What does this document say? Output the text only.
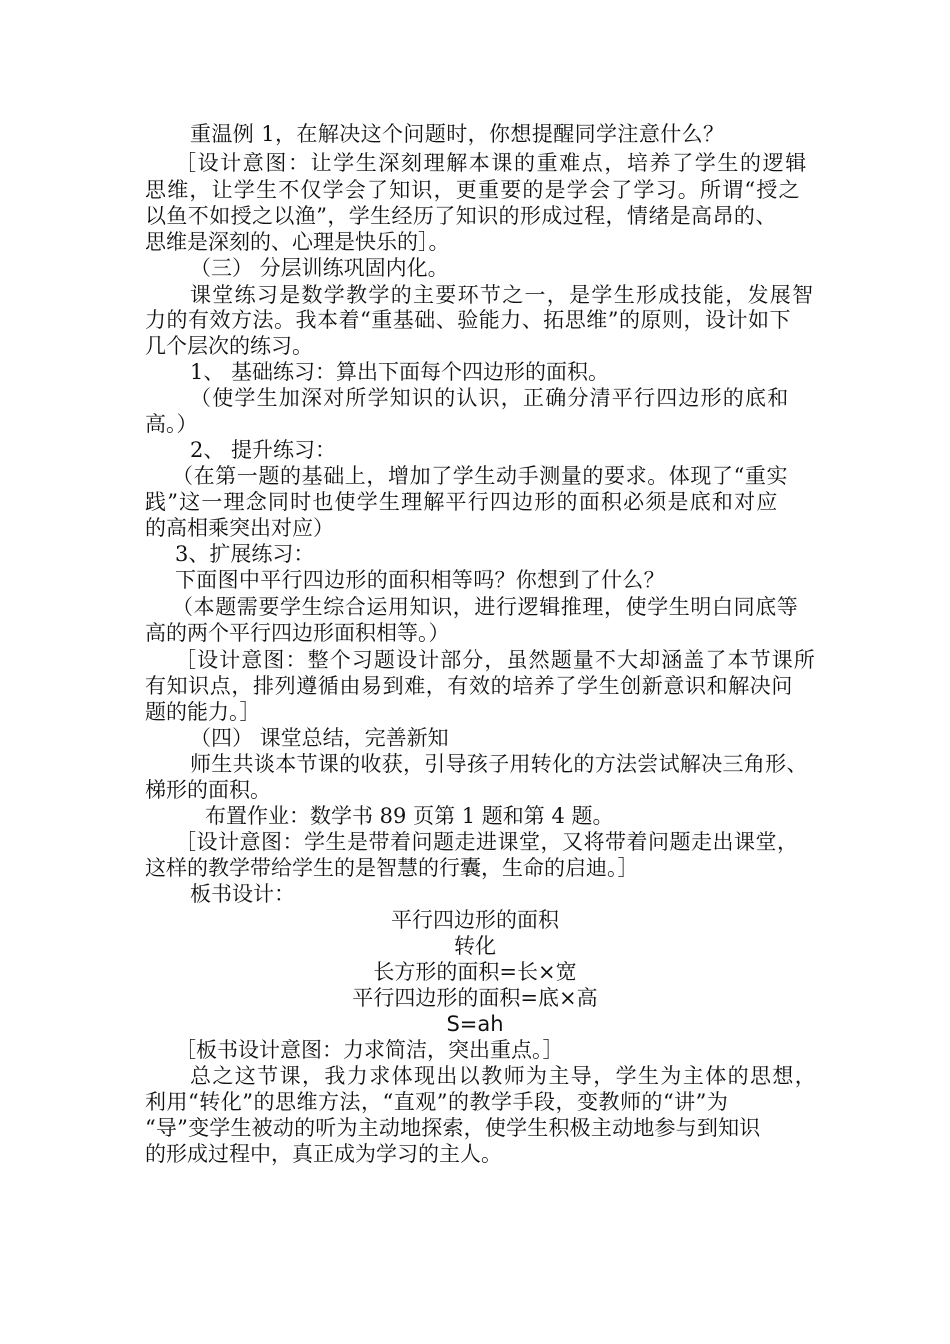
重温例 1，在解决这个问题时，你想提醒同学注意什么？
［设计意图：让学生深刻理解本课的重难点，培养了学生的逻辑
思维，让学生不仅学会了知识，更重要的是学会了学习。所谓“授之
以鱼不如授之以渔”，学生经历了知识的形成过程，情绪是高昂的、
思维是深刻的、心理是快乐的］。
（三） 分层训练巩固内化。
课堂练习是数学教学的主要环节之一，是学生形成技能，发展智
力的有效方法。我本着“重基础、验能力、拓思维”的原则，设计如下
几个层次的练习。
1、 基础练习：算出下面每个四边形的面积。
（使学生加深对所学知识的认识，正确分清平行四边形的底和
高。）
2、 提升练习：
（在第一题的基础上，增加了学生动手测量的要求。体现了“重实
践”这一理念同时也使学生理解平行四边形的面积必须是底和对应
的高相乘突出对应）
3、扩展练习：
下面图中平行四边形的面积相等吗？你想到了什么？
（本题需要学生综合运用知识，进行逻辑推理，使学生明白同底等
高的两个平行四边形面积相等。）
［设计意图：整个习题设计部分，虽然题量不大却涵盖了本节课所
有知识点，排列遵循由易到难，有效的培养了学生创新意识和解决问
题的能力。］
（四） 课堂总结，完善新知
师生共谈本节课的收获，引导孩子用转化的方法尝试解决三角形、
梯形的面积。
布置作业：数学书 89 页第 1 题和第 4 题。
［设计意图：学生是带着问题走进课堂，又将带着问题走出课堂，
这样的教学带给学生的是智慧的行囊，生命的启迪。］
板书设计：
平行四边形的面积
转化
长方形的面积=长×宽
平行四边形的面积=底×高
S=ah
［板书设计意图：力求简洁，突出重点。］
总之这节课，我力求体现出以教师为主导，学生为主体的思想，
利用“转化”的思维方法，“直观”的教学手段，变教师的“讲”为
“导”变学生被动的听为主动地探索，使学生积极主动地参与到知识
的形成过程中，真正成为学习的主人。
